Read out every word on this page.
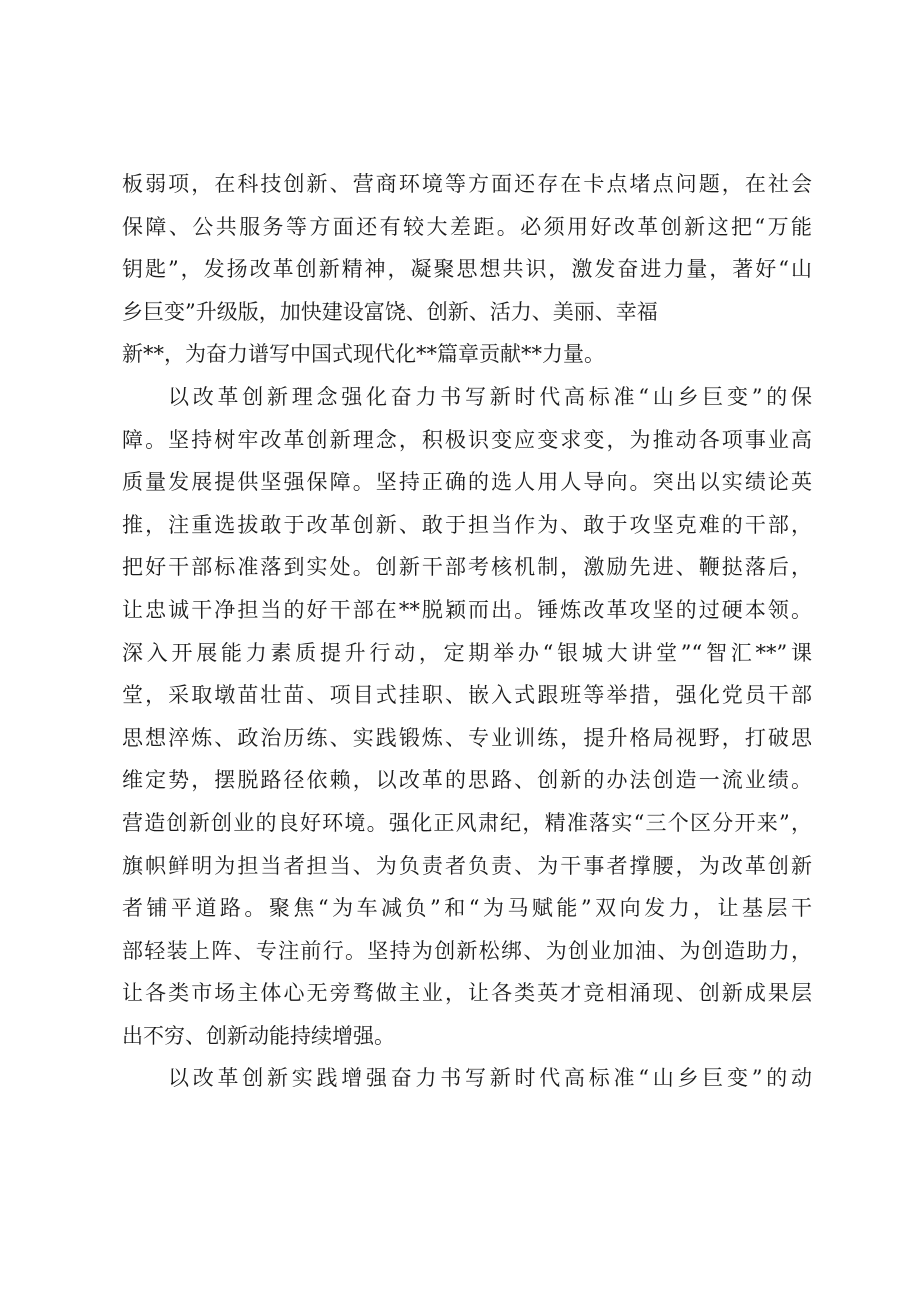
板弱项，在科技创新、营商环境等方面还存在卡点堵点问题，在社会
保障、公共服务等方面还有较大差距。必须用好改革创新这把“万能
钥匙”，发扬改革创新精神，凝聚思想共识，激发奋进力量，著好“山
乡巨变”升级版，加快建设富饶、创新、活力、美丽、幸福
新**，为奋力谱写中国式现代化**篇章贡献**力量。
以改革创新理念强化奋力书写新时代高标准“山乡巨变”的保
障。坚持树牢改革创新理念，积极识变应变求变，为推动各项事业高
质量发展提供坚强保障。坚持正确的选人用人导向。突出以实绩论英
推，注重选拔敢于改革创新、敢于担当作为、敢于攻坚克难的干部，
把好干部标准落到实处。创新干部考核机制，激励先进、鞭挞落后，
让忠诚干净担当的好干部在**脱颖而出。锤炼改革攻坚的过硬本领。
深入开展能力素质提升行动，定期举办“银城大讲堂”“智汇**”课
堂，采取墩苗壮苗、项目式挂职、嵌入式跟班等举措，强化党员干部
思想淬炼、政治历练、实践锻炼、专业训练，提升格局视野，打破思
维定势，摆脱路径依赖，以改革的思路、创新的办法创造一流业绩。
营造创新创业的良好环境。强化正风肃纪，精准落实“三个区分开来”，
旗帜鲜明为担当者担当、为负责者负责、为干事者撑腰，为改革创新
者铺平道路。聚焦“为车减负”和“为马赋能”双向发力，让基层干
部轻装上阵、专注前行。坚持为创新松绑、为创业加油、为创造助力，
让各类市场主体心无旁骛做主业，让各类英才竞相涌现、创新成果层
出不穷、创新动能持续增强。
以改革创新实践增强奋力书写新时代高标准“山乡巨变”的动
